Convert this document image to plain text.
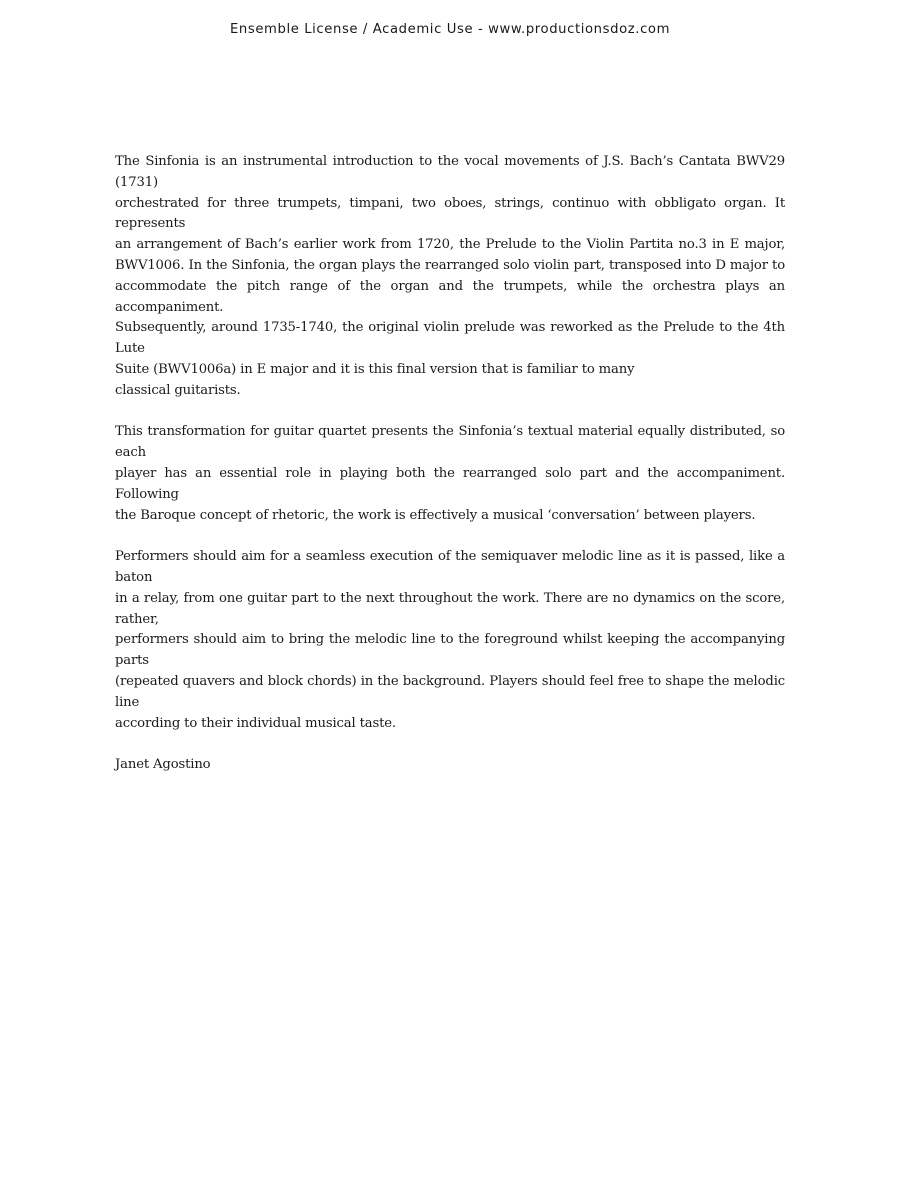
Ensemble License / Academic Use - www.productionsdoz.com

The Sinfonia is an instrumental introduction to the vocal movements of J.S. Bach’s Cantata BWV29 (1731)
orchestrated for three trumpets, timpani, two oboes, strings, continuo with obbligato organ. It represents
an arrangement of Bach’s earlier work from 1720, the Prelude to the Violin Partita no.3 in E major,
BWV1006. In the Sinfonia, the organ plays the rearranged solo violin part, transposed into D major to
accommodate the pitch range of the organ and the trumpets, while the orchestra plays an accompaniment.
Subsequently, around 1735-1740, the original violin prelude was reworked as the Prelude to the 4th Lute
Suite (BWV1006a) in E major and it is this final version that is familiar to many
classical guitarists.

This transformation for guitar quartet presents the Sinfonia’s textual material equally distributed, so each
player has an essential role in playing both the rearranged solo part and the accompaniment. Following
the Baroque concept of rhetoric, the work is effectively a musical ‘conversation’ between players.

Performers should aim for a seamless execution of the semiquaver melodic line as it is passed, like a baton
in a relay, from one guitar part to the next throughout the work. There are no dynamics on the score, rather,
performers should aim to bring the melodic line to the foreground whilst keeping the accompanying parts
(repeated quavers and block chords) in the background. Players should feel free to shape the melodic line
according to their individual musical taste.

Janet Agostino
